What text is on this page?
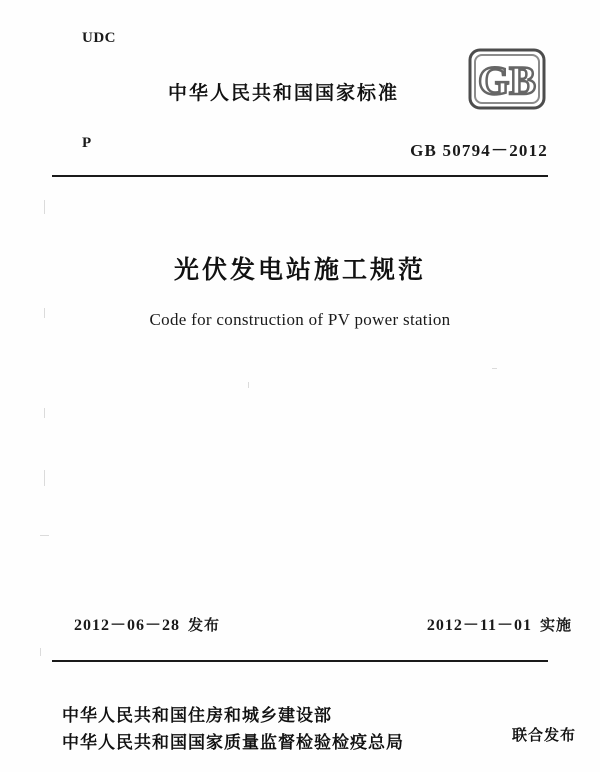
UDC
中华人民共和国国家标准 GB
P	GB 50794－2012
光伏发电站施工规范
Code for construction of PV power station
2012－06－28 发布	2012－11－01 实施
中华人民共和国住房和城乡建设部
中华人民共和国国家质量监督检验检疫总局	联合发布
